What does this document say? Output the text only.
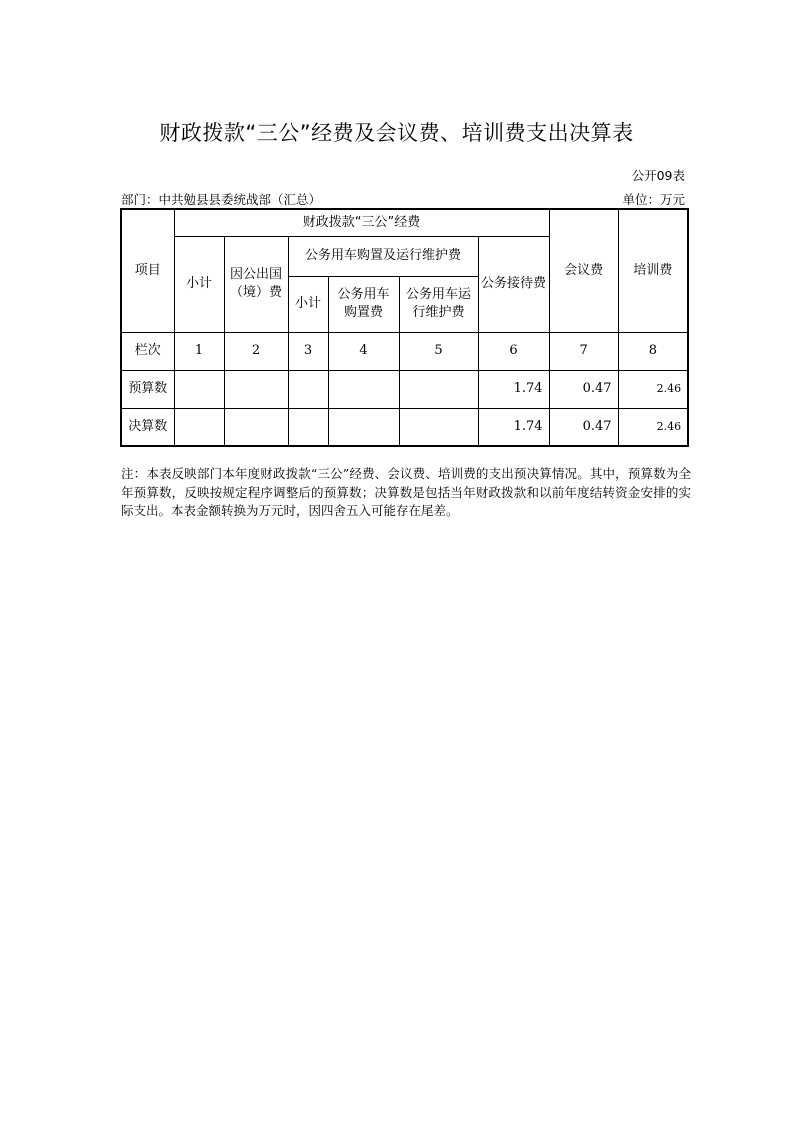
财政拨款“三公”经费及会议费、培训费支出决算表
公开09表
部门：中共勉县县委统战部（汇总）	单位：万元
项目	财政拨款“三公”经费						会议费	培训费
	小计	因公出国（境）费	公务用车购置及运行维护费			公务接待费		
			小计	公务用车购置费	公务用车运行维护费			

栏次	1	2	3	4	5	6	7	8
预算数						1.74	0.47	2.46
决算数						1.74	0.47	2.46
注：本表反映部门本年度财政拨款“三公”经费、会议费、培训费的支出预决算情况。其中，预算数为全年预算数，反映按规定程序调整后的预算数；决算数是包括当年财政拨款和以前年度结转资金安排的实际支出。本表金额转换为万元时，因四舍五入可能存在尾差。
